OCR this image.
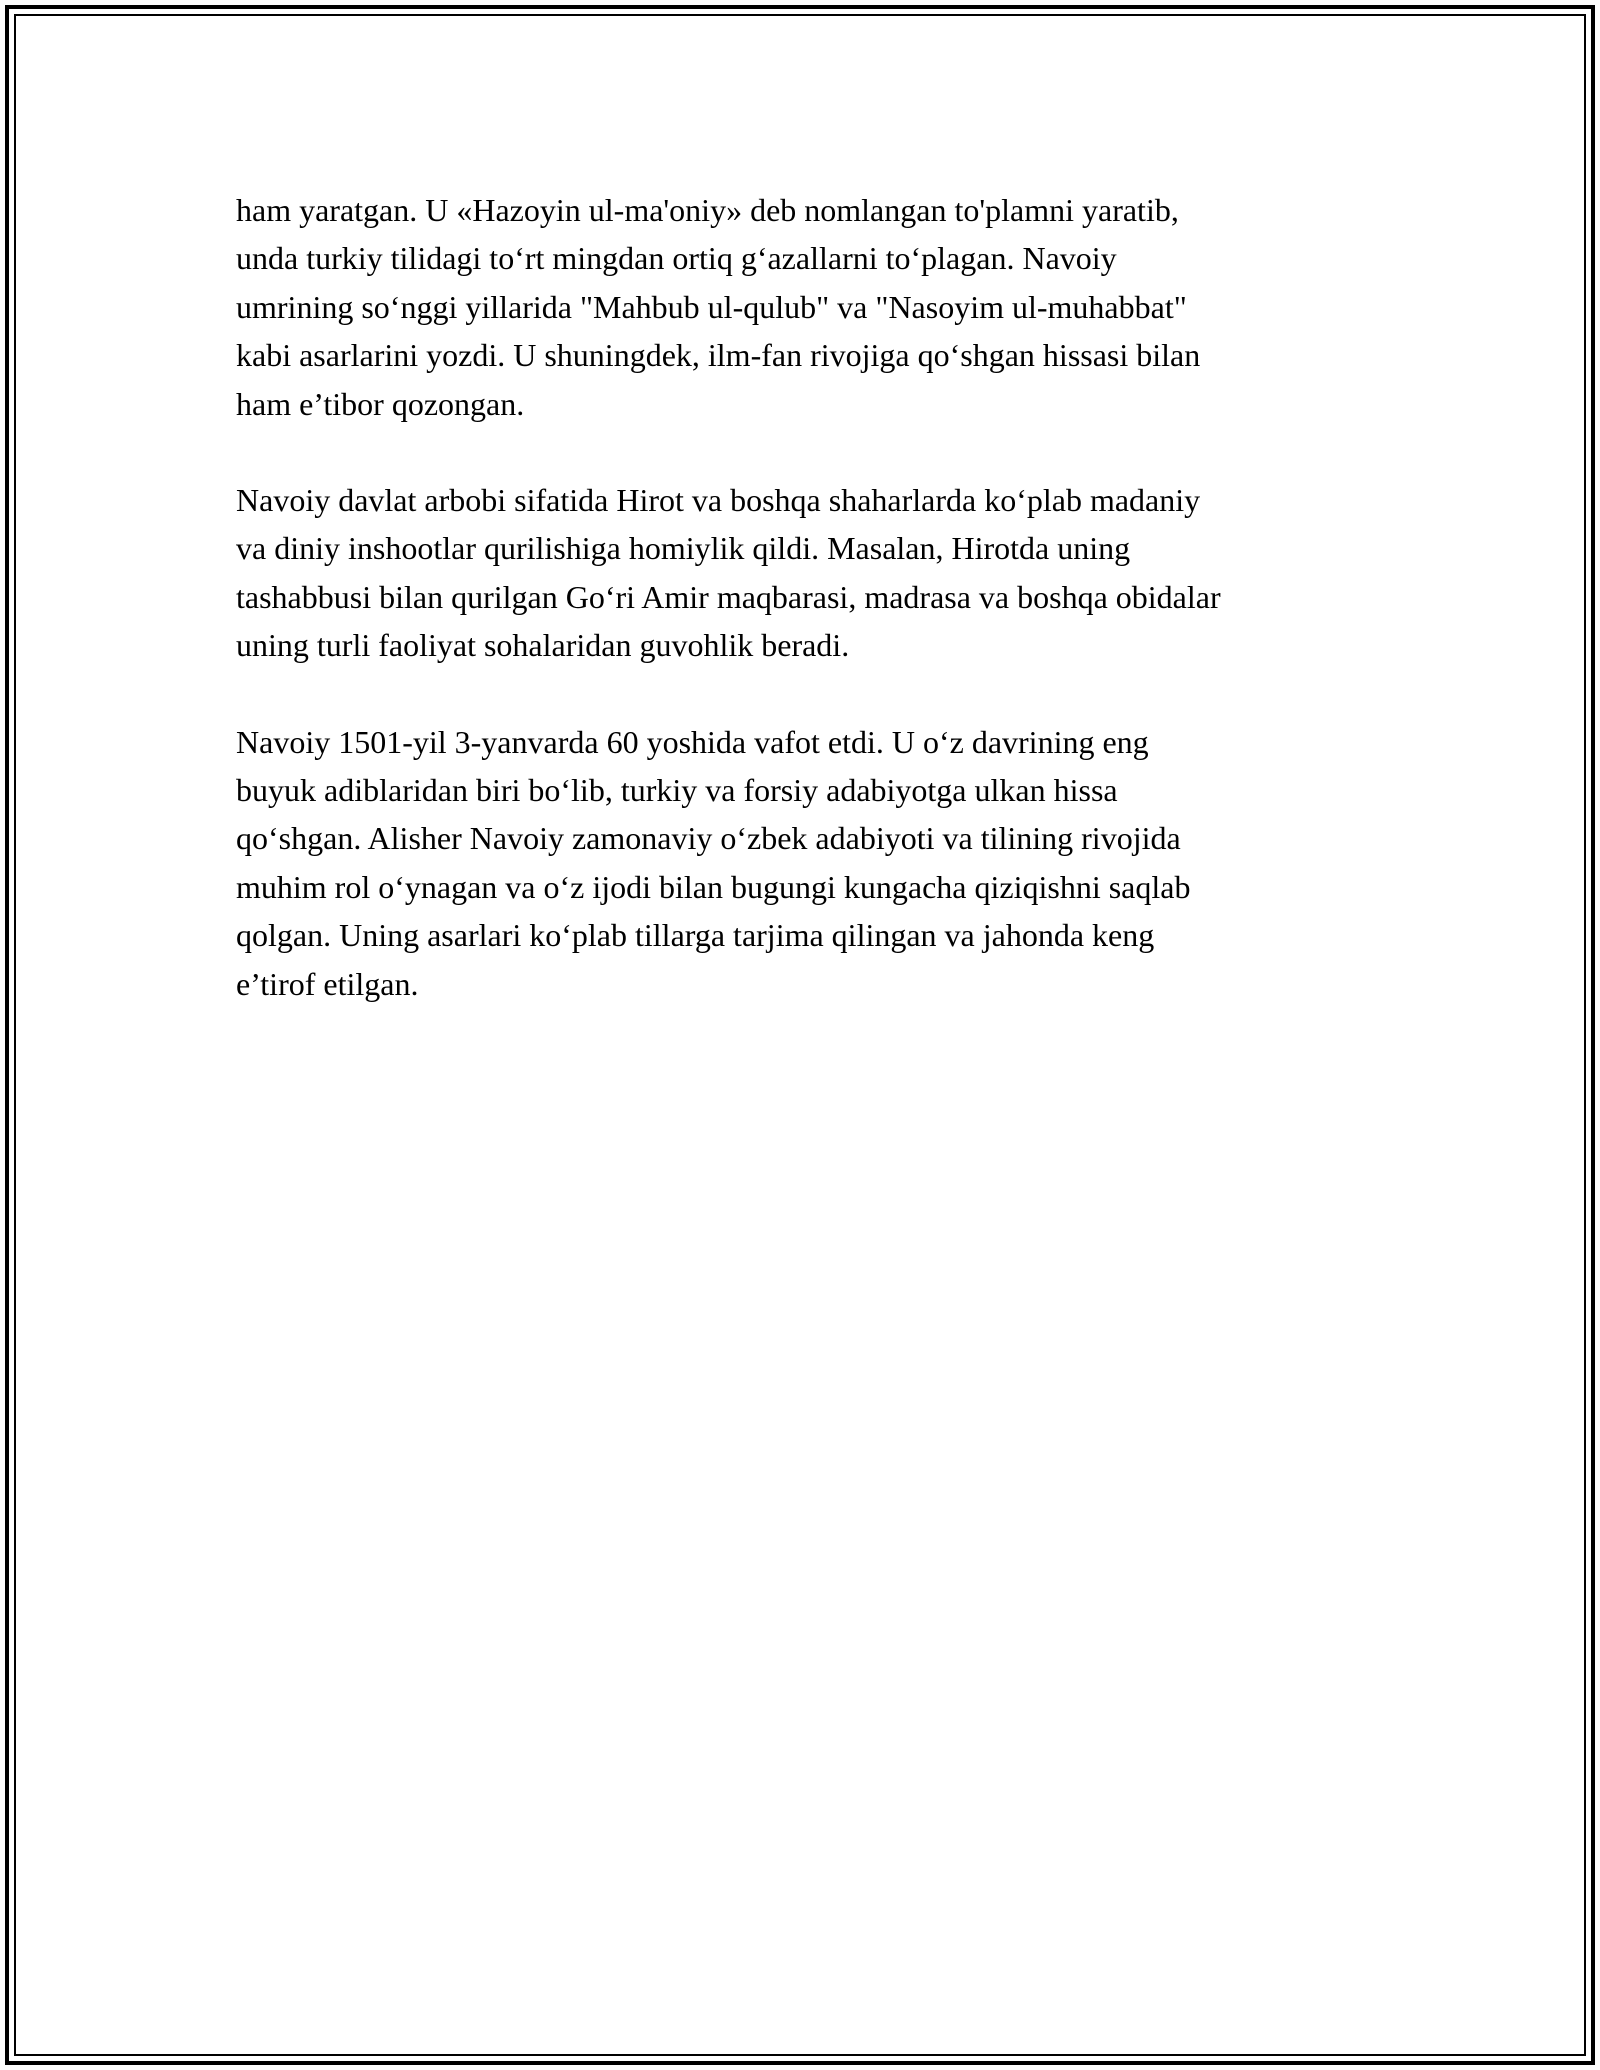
ham yaratgan. U «Hazoyin ul-ma'oniy» deb nomlangan to'plamni yaratib,
unda turkiy tilidagi to‘rt mingdan ortiq g‘azallarni to‘plagan. Navoiy
umrining so‘nggi yillarida "Mahbub ul-qulub" va "Nasoyim ul-muhabbat"
kabi asarlarini yozdi. U shuningdek, ilm-fan rivojiga qo‘shgan hissasi bilan
ham e’tibor qozongan.

Navoiy davlat arbobi sifatida Hirot va boshqa shaharlarda ko‘plab madaniy
va diniy inshootlar qurilishiga homiylik qildi. Masalan, Hirotda uning
tashabbusi bilan qurilgan Go‘ri Amir maqbarasi, madrasa va boshqa obidalar
uning turli faoliyat sohalaridan guvohlik beradi.

Navoiy 1501-yil 3-yanvarda 60 yoshida vafot etdi. U o‘z davrining eng
buyuk adiblaridan biri bo‘lib, turkiy va forsiy adabiyotga ulkan hissa
qo‘shgan. Alisher Navoiy zamonaviy o‘zbek adabiyoti va tilining rivojida
muhim rol o‘ynagan va o‘z ijodi bilan bugungi kungacha qiziqishni saqlab
qolgan. Uning asarlari ko‘plab tillarga tarjima qilingan va jahonda keng
e’tirof etilgan.
